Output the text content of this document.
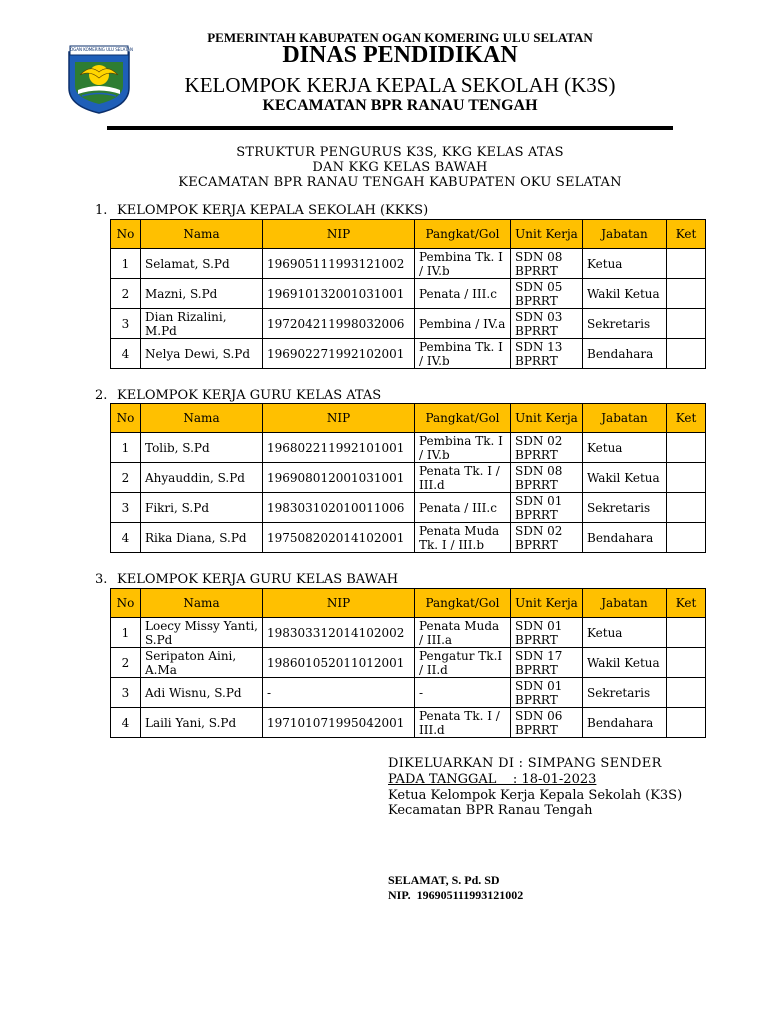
OGAN KOMERING ULU SELATAN
PEMERINTAH KABUPATEN OGAN KOMERING ULU SELATAN
DINAS PENDIDIKAN
KELOMPOK KERJA KEPALA SEKOLAH (K3S)
KECAMATAN BPR RANAU TENGAH
STRUKTUR PENGURUS K3S, KKG KELAS ATAS
DAN KKG KELAS BAWAH
KECAMATAN BPR RANAU TENGAH KABUPATEN OKU SELATAN
1. KELOMPOK KERJA KEPALA SEKOLAH (KKKS)
2. KELOMPOK KERJA GURU KELAS ATAS
3. KELOMPOK KERJA GURU KELAS BAWAH
No	Nama	NIP	Pangkat/Gol	Unit Kerja	Jabatan	Ket
1	Selamat, S.Pd	196905111993121002	Pembina Tk. I / IV.b	SDN 08 BPRRT	Ketua	
2	Mazni, S.Pd	196910132001031001	Penata / III.c	SDN 05 BPRRT	Wakil Ketua	
3	Dian Rizalini, M.Pd	197204211998032006	Pembina / IV.a	SDN 03 BPRRT	Sekretaris	
4	Nelya Dewi, S.Pd	196902271992102001	Pembina Tk. I / IV.b	SDN 13 BPRRT	Bendahara	
No	Nama	NIP	Pangkat/Gol	Unit Kerja	Jabatan	Ket
1	Tolib, S.Pd	196802211992101001	Pembina Tk. I / IV.b	SDN 02 BPRRT	Ketua	
2	Ahyauddin, S.Pd	196908012001031001	Penata Tk. I / III.d	SDN 08 BPRRT	Wakil Ketua	
3	Fikri, S.Pd	198303102010011006	Penata / III.c	SDN 01 BPRRT	Sekretaris	
4	Rika Diana, S.Pd	197508202014102001	Penata Muda Tk. I / III.b	SDN 02 BPRRT	Bendahara	
No	Nama	NIP	Pangkat/Gol	Unit Kerja	Jabatan	Ket
1	Loecy Missy Yanti, S.Pd	198303312014102002	Penata Muda / III.a	SDN 01 BPRRT	Ketua	
2	Seripaton Aini, A.Ma	198601052011012001	Pengatur Tk.I / II.d	SDN 17 BPRRT	Wakil Ketua	
3	Adi Wisnu, S.Pd	-	-	SDN 01 BPRRT	Sekretaris	
4	Laili Yani, S.Pd	197101071995042001	Penata Tk. I / III.d	SDN 06 BPRRT	Bendahara	
DIKELUARKAN DI : SIMPANG SENDER
PADA TANGGAL    : 18-01-2023
Ketua Kelompok Kerja Kepala Sekolah (K3S)
Kecamatan BPR Ranau Tengah
SELAMAT, S. Pd. SD
NIP.  196905111993121002
